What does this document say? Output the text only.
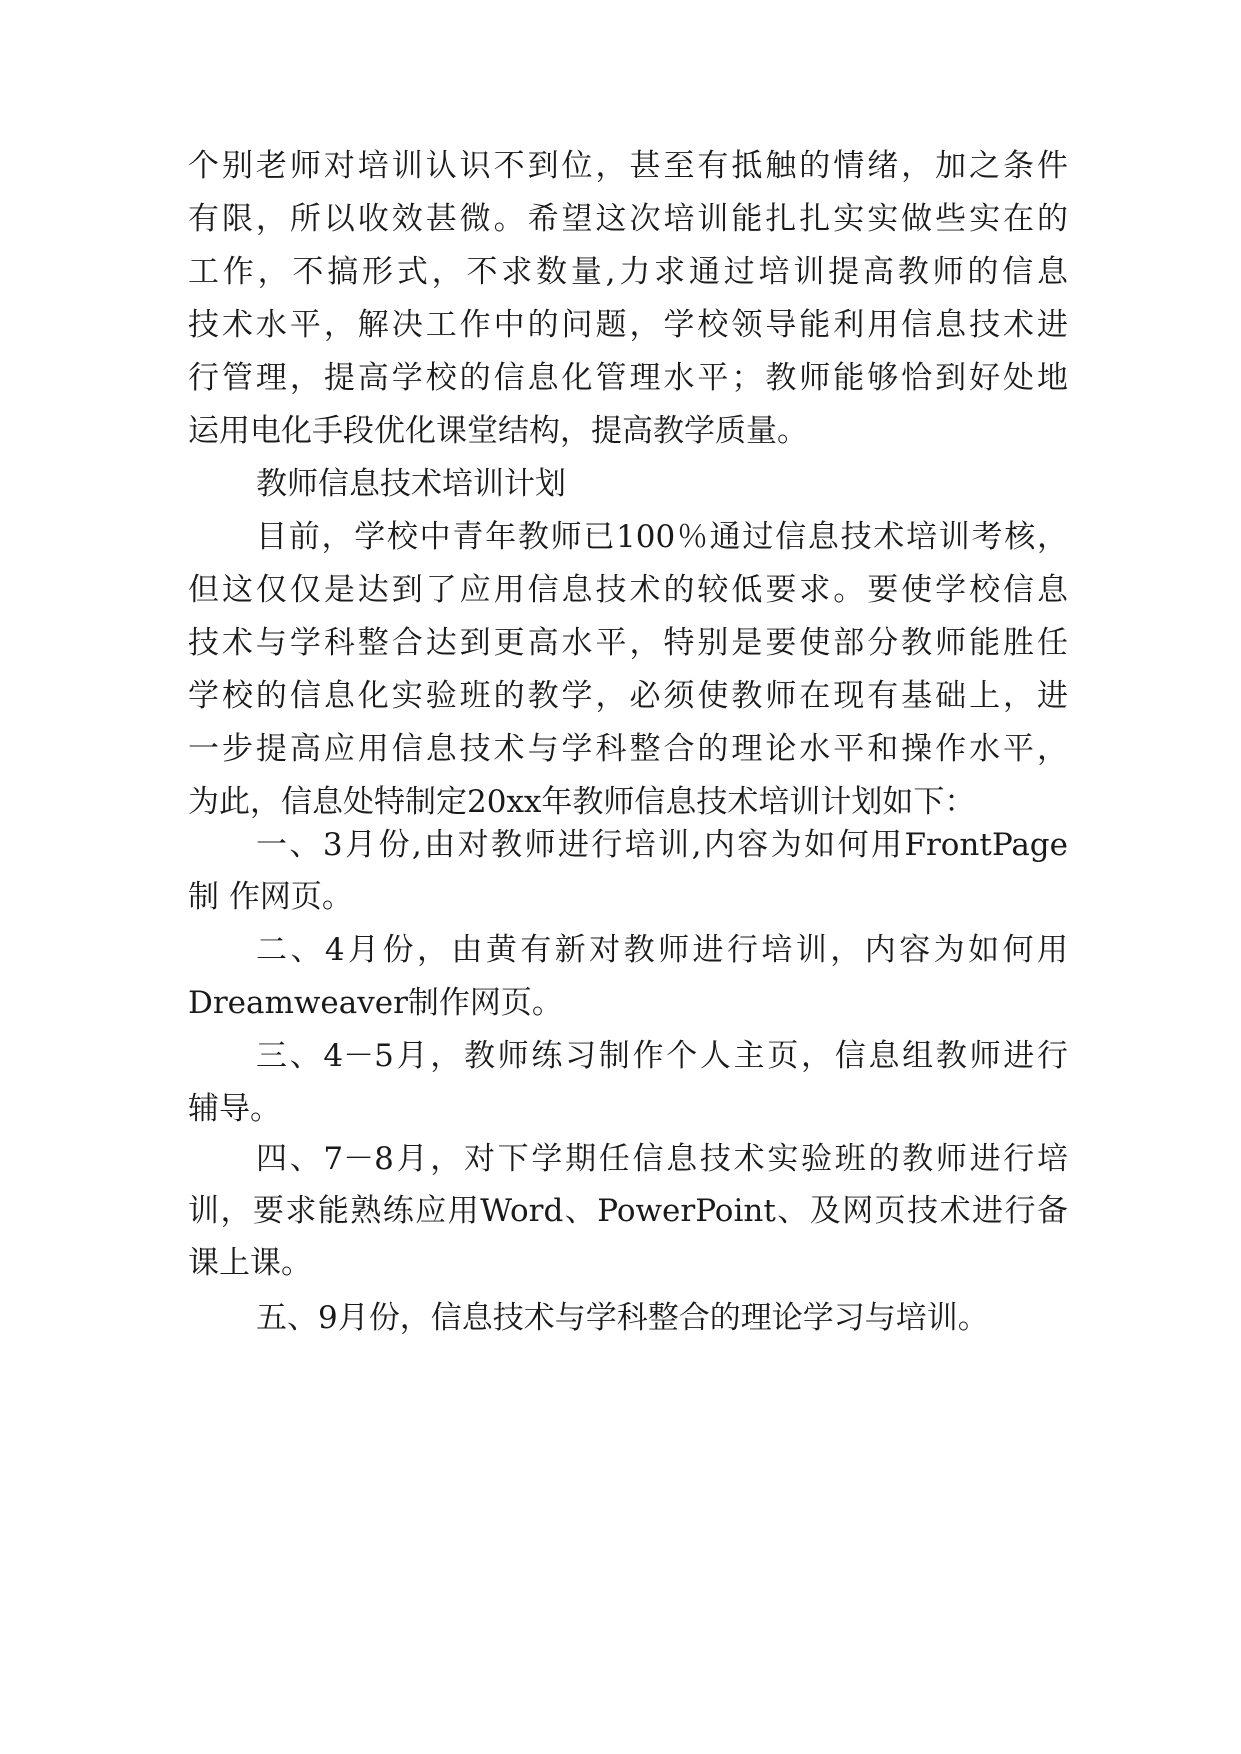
个别老师对培训认识不到位，甚至有抵触的情绪，加之条件
有限，所以收效甚微。希望这次培训能扎扎实实做些实在的
工作，不搞形式，不求数量,力求通过培训提高教师的信息
技术水平，解决工作中的问题，学校领导能利用信息技术进
行管理，提高学校的信息化管理水平；教师能够恰到好处地
运用电化手段优化课堂结构，提高教学质量。
教师信息技术培训计划
目前，学校中青年教师已100％通过信息技术培训考核，
但这仅仅是达到了应用信息技术的较低要求。要使学校信息
技术与学科整合达到更高水平，特别是要使部分教师能胜任
学校的信息化实验班的教学，必须使教师在现有基础上，进
一步提高应用信息技术与学科整合的理论水平和操作水平，
为此，信息处特制定20xx年教师信息技术培训计划如下：
一、3月份,由对教师进行培训,内容为如何用FrontPage
制 作网页。
二、4月份，由黄有新对教师进行培训，内容为如何用
Dreamweaver制作网页。
三、4－5月，教师练习制作个人主页，信息组教师进行
辅导。
四、7－8月，对下学期任信息技术实验班的教师进行培
训，要求能熟练应用Word、PowerPoint、及网页技术进行备
课上课。
五、9月份，信息技术与学科整合的理论学习与培训。
